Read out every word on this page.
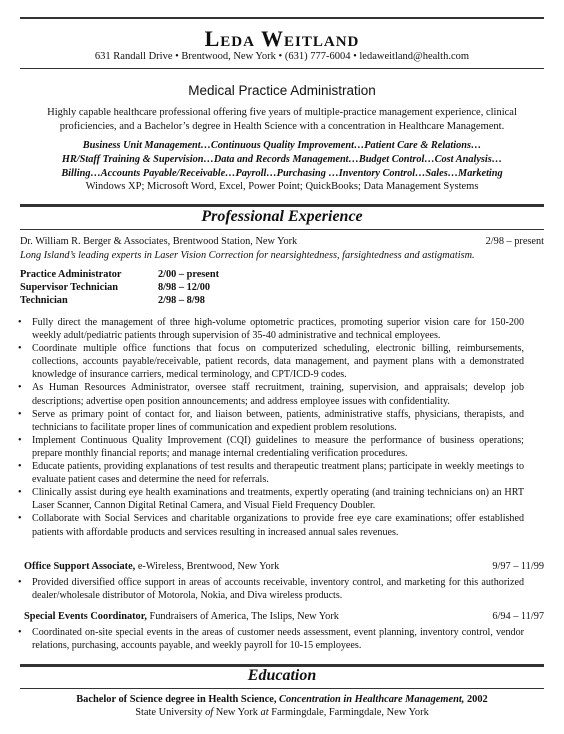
Leda Weitland
631 Randall Drive • Brentwood, New York • (631) 777-6004 • ledaweitland@health.com
Medical Practice Administration
Highly capable healthcare professional offering five years of multiple-practice management experience, clinical
proficiencies, and a Bachelor’s degree in Health Science with a concentration in Healthcare Management.
Business Unit Management…Continuous Quality Improvement…Patient Care & Relations…
HR/Staff Training & Supervision…Data and Records Management…Budget Control…Cost Analysis…
Billing…Accounts Payable/Receivable…Payroll…Purchasing …Inventory Control…Sales…Marketing
Windows XP; Microsoft Word, Excel, Power Point; QuickBooks; Data Management Systems
Professional Experience
Dr. William R. Berger & Associates, Brentwood Station, New York	2/98 – present
Long Island’s leading experts in Laser Vision Correction for nearsightedness, farsightedness and astigmatism.
Practice Administrator	2/00 – present
Supervisor Technician	8/98 – 12/00
Technician	2/98 – 8/98
• Fully direct the management of three high-volume optometric practices, promoting superior vision care for 150-200 weekly adult/pediatric patients through supervision of 35-40 administrative and technical employees.
• Coordinate multiple office functions that focus on computerized scheduling, electronic billing, reimbursements, collections, accounts payable/receivable, patient records, data management, and payment plans with a demonstrated knowledge of insurance carriers, medical terminology, and CPT/ICD-9 codes.
• As Human Resources Administrator, oversee staff recruitment, training, supervision, and appraisals; develop job descriptions; advertise open position announcements; and address employee issues with confidentiality.
• Serve as primary point of contact for, and liaison between, patients, administrative staffs, physicians, therapists, and technicians to facilitate proper lines of communication and expedient problem resolutions.
• Implement Continuous Quality Improvement (CQI) guidelines to measure the performance of business operations; prepare monthly financial reports; and manage internal credentialing verification procedures.
• Educate patients, providing explanations of test results and therapeutic treatment plans; participate in weekly meetings to evaluate patient cases and determine the need for referrals.
• Clinically assist during eye health examinations and treatments, expertly operating (and training technicians on) an HRT Laser Scanner, Cannon Digital Retinal Camera, and Visual Field Frequency Doubler.
• Collaborate with Social Services and charitable organizations to provide free eye care examinations; offer established patients with affordable products and services resulting in increased annual sales revenues.
Office Support Associate, e-Wireless, Brentwood, New York	9/97 – 11/99
• Provided diversified office support in areas of accounts receivable, inventory control, and marketing for this authorized dealer/wholesale distributor of Motorola, Nokia, and Diva wireless products.
Special Events Coordinator, Fundraisers of America, The Islips, New York	6/94 – 11/97
• Coordinated on-site special events in the areas of customer needs assessment, event planning, inventory control, vendor relations, purchasing, accounts payable, and weekly payroll for 10-15 employees.
Education
Bachelor of Science degree in Health Science, Concentration in Healthcare Management, 2002
State University of New York at Farmingdale, Farmingdale, New York
